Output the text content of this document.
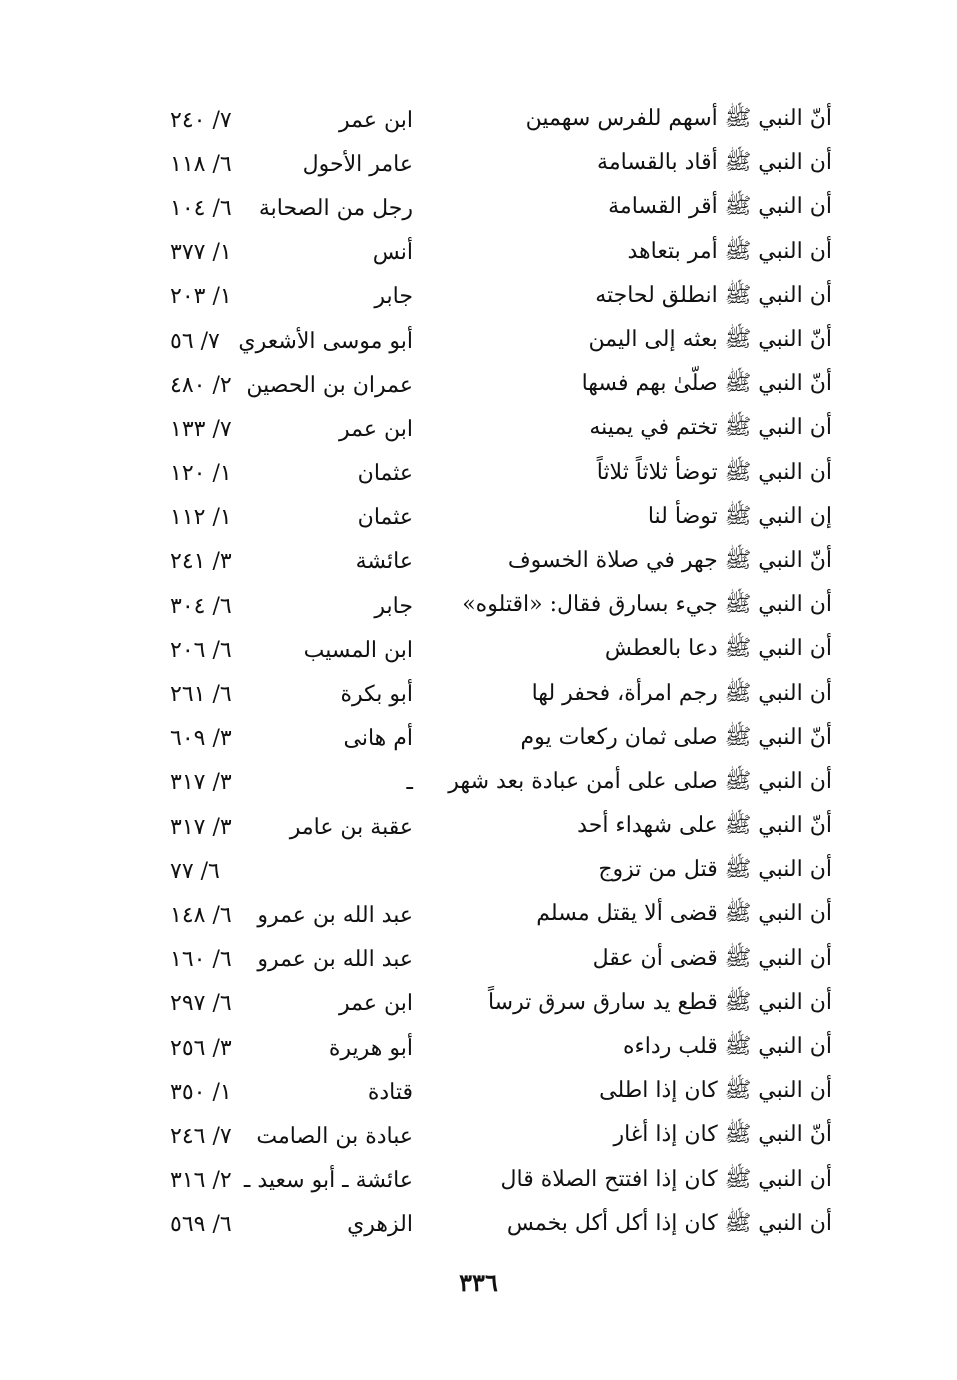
أنّ النبي ﷺ أسهم للفرس سهمين
ابن عمر
٧/ ٢٤٠
أن النبي ﷺ أقاد بالقسامة
عامر الأحول
٦/ ١١٨
أن النبي ﷺ أقر القسامة
رجل من الصحابة
٦/ ١٠٤
أن النبي ﷺ أمر بتعاهد
أنس
١/ ٣٧٧
أن النبي ﷺ انطلق لحاجته
جابر
١/ ٢٠٣
أنّ النبي ﷺ بعثه إلى اليمن
أبو موسى الأشعري
٧/ ٥٦
أنّ النبي ﷺ صلّىٰ بهم فسها
عمران بن الحصين
٢/ ٤٨٠
أن النبي ﷺ تختم في يمينه
ابن عمر
٧/ ١٣٣
أن النبي ﷺ توضأ ثلاثاً ثلاثاً
عثمان
١/ ١٢٠
إن النبي ﷺ توضأ لنا
عثمان
١/ ١١٢
أنّ النبي ﷺ جهر في صلاة الخسوف
عائشة
٣/ ٢٤١
أن النبي ﷺ جيء بسارق فقال: «اقتلوه»
جابر
٦/ ٣٠٤
أن النبي ﷺ دعا بالعطش
ابن المسيب
٦/ ٢٠٦
أن النبي ﷺ رجم امرأة، فحفر لها
أبو بكرة
٦/ ٢٦١
أنّ النبي ﷺ صلى ثمان ركعات يوم
أم هانى
٣/ ٦٠٩
أن النبي ﷺ صلى على أمن عبادة بعد شهر
ـ
٣/ ٣١٧
أنّ النبي ﷺ على شهداء أحد
عقبة بن عامر
٣/ ٣١٧
أن النبي ﷺ قتل من تزوج
٦/ ٧٧
أن النبي ﷺ قضى ألا يقتل مسلم
عبد الله بن عمرو
٦/ ١٤٨
أن النبي ﷺ قضى أن عقل
عبد الله بن عمرو
٦/ ١٦٠
أن النبي ﷺ قطع يد سارق سرق ترساً
ابن عمر
٦/ ٢٩٧
أن النبي ﷺ قلب رداءه
أبو هريرة
٣/ ٢٥٦
أن النبي ﷺ كان إذا اطلى
قتادة
١/ ٣٥٠
أنّ النبي ﷺ كان إذا أغار
عبادة بن الصامت
٧/ ٢٤٦
أن النبي ﷺ كان إذا افتتح الصلاة قال
عائشة ـ أبو سعيد ـ
٢/ ٣١٦
أن النبي ﷺ كان إذا أكل أكل بخمس
الزهري
٦/ ٥٦٩
٣٣٦
